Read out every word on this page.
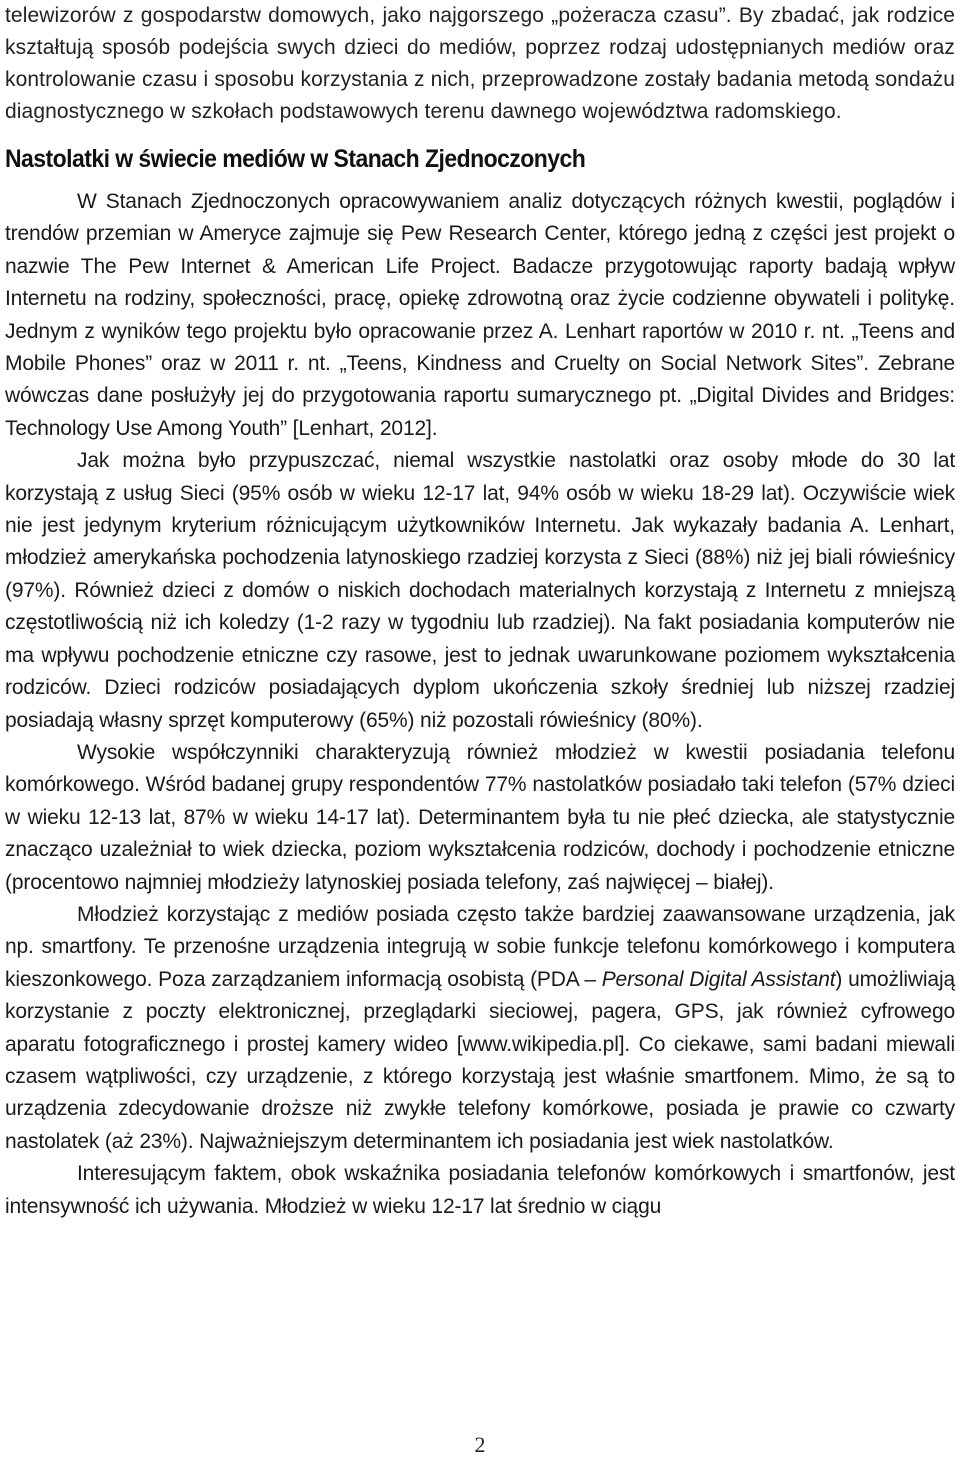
telewizorów z gospodarstw domowych, jako najgorszego „pożeracza czasu”. By zbadać, jak rodzice kształtują sposób podejścia swych dzieci do mediów, poprzez rodzaj udostępnianych mediów oraz kontrolowanie czasu i sposobu korzystania z nich, przeprowadzone zostały badania metodą sondażu diagnostycznego w szkołach podstawowych terenu dawnego województwa radomskiego.

Nastolatki w świecie mediów w Stanach Zjednoczonych

W Stanach Zjednoczonych opracowywaniem analiz dotyczących różnych kwestii, poglądów i trendów przemian w Ameryce zajmuje się Pew Research Center, którego jedną z części jest projekt o nazwie The Pew Internet & American Life Project. Badacze przygotowując raporty badają wpływ Internetu na rodziny, społeczności, pracę, opiekę zdrowotną oraz życie codzienne obywateli i politykę. Jednym z wyników tego projektu było opracowanie przez A. Lenhart raportów w 2010 r. nt. „Teens and Mobile Phones” oraz w 2011 r. nt. „Teens, Kindness and Cruelty on Social Network Sites”. Zebrane wówczas dane posłużyły jej do przygotowania raportu sumarycznego pt. „Digital Divides and Bridges: Technology Use Among Youth” [Lenhart, 2012].

Jak można było przypuszczać, niemal wszystkie nastolatki oraz osoby młode do 30 lat korzystają z usług Sieci (95% osób w wieku 12-17 lat, 94% osób w wieku 18-29 lat). Oczywiście wiek nie jest jedynym kryterium różnicującym użytkowników Internetu. Jak wykazały badania A. Lenhart, młodzież amerykańska pochodzenia latynoskiego rzadziej korzysta z Sieci (88%) niż jej biali rówieśnicy (97%). Również dzieci z domów o niskich dochodach materialnych korzystają z Internetu z mniejszą częstotliwością niż ich koledzy (1-2 razy w tygodniu lub rzadziej). Na fakt posiadania komputerów nie ma wpływu pochodzenie etniczne czy rasowe, jest to jednak uwarunkowane poziomem wykształcenia rodziców. Dzieci rodziców posiadających dyplom ukończenia szkoły średniej lub niższej rzadziej posiadają własny sprzęt komputerowy (65%) niż pozostali rówieśnicy (80%).

Wysokie współczynniki charakteryzują również młodzież w kwestii posiadania telefonu komórkowego. Wśród badanej grupy respondentów 77% nastolatków posiadało taki telefon (57% dzieci w wieku 12-13 lat, 87% w wieku 14-17 lat). Determinantem była tu nie płeć dziecka, ale statystycznie znacząco uzależniał to wiek dziecka, poziom wykształcenia rodziców, dochody i pochodzenie etniczne (procentowo najmniej młodzieży latynoskiej posiada telefony, zaś najwięcej – białej).

Młodzież korzystając z mediów posiada często także bardziej zaawansowane urządzenia, jak np. smartfony. Te przenośne urządzenia integrują w sobie funkcje telefonu komórkowego i komputera kieszonkowego. Poza zarządzaniem informacją osobistą (PDA – Personal Digital Assistant) umożliwiają korzystanie z poczty elektronicznej, przeglądarki sieciowej, pagera, GPS, jak również cyfrowego aparatu fotograficznego i prostej kamery wideo [www.wikipedia.pl]. Co ciekawe, sami badani miewali czasem wątpliwości, czy urządzenie, z którego korzystają jest właśnie smartfonem. Mimo, że są to urządzenia zdecydowanie droższe niż zwykłe telefony komórkowe, posiada je prawie co czwarty nastolatek (aż 23%). Najważniejszym determinantem ich posiadania jest wiek nastolatków.

Interesującym faktem, obok wskaźnika posiadania telefonów komórkowych i smartfonów, jest intensywność ich używania. Młodzież w wieku 12-17 lat średnio w ciągu

2
